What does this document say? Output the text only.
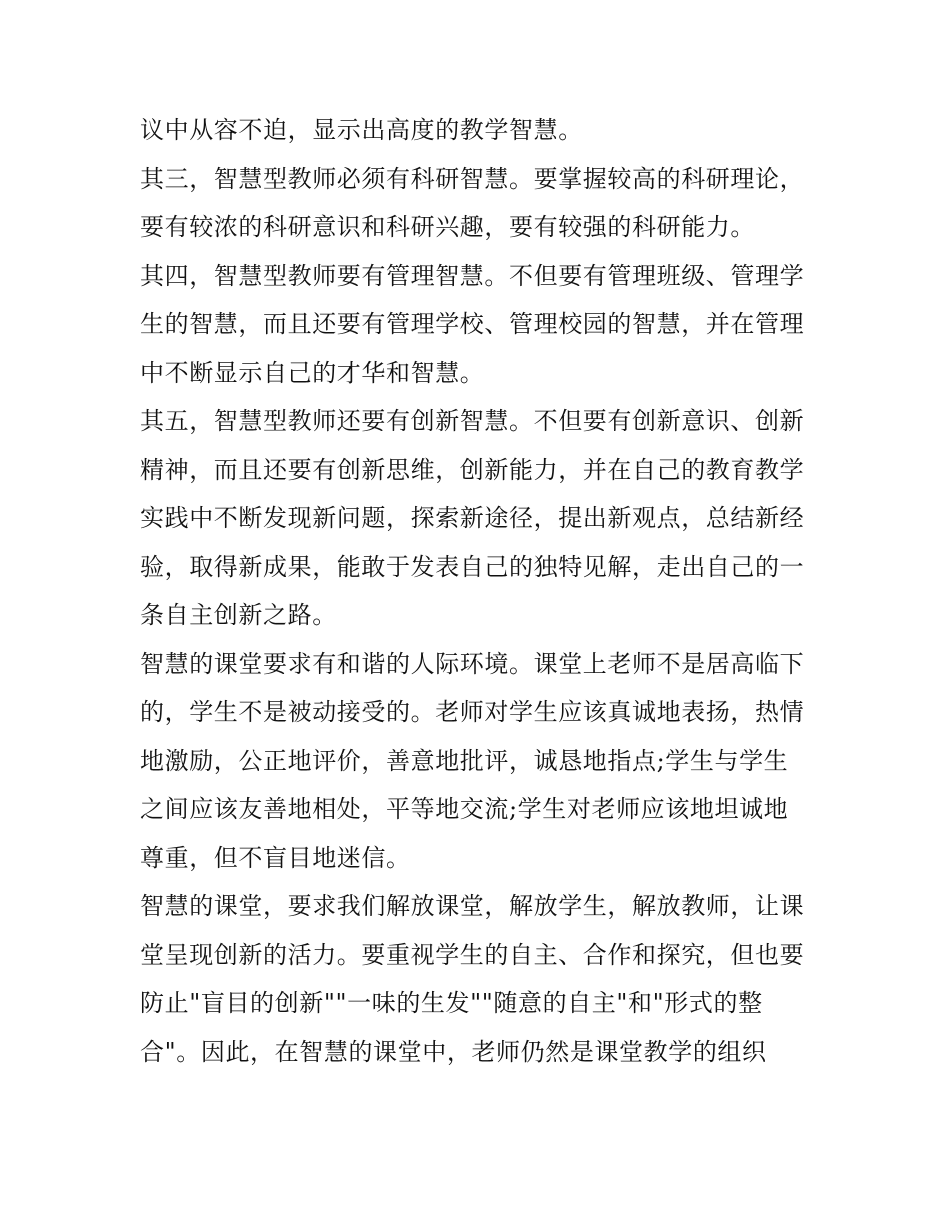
议中从容不迫，显示出高度的教学智慧。
其三，智慧型教师必须有科研智慧。要掌握较高的科研理论，
要有较浓的科研意识和科研兴趣，要有较强的科研能力。
其四，智慧型教师要有管理智慧。不但要有管理班级、管理学
生的智慧，而且还要有管理学校、管理校园的智慧，并在管理
中不断显示自己的才华和智慧。
其五，智慧型教师还要有创新智慧。不但要有创新意识、创新
精神，而且还要有创新思维，创新能力，并在自己的教育教学
实践中不断发现新问题，探索新途径，提出新观点，总结新经
验，取得新成果，能敢于发表自己的独特见解，走出自己的一
条自主创新之路。
智慧的课堂要求有和谐的人际环境。课堂上老师不是居高临下
的，学生不是被动接受的。老师对学生应该真诚地表扬，热情
地激励，公正地评价，善意地批评，诚恳地指点;学生与学生
之间应该友善地相处，平等地交流;学生对老师应该地坦诚地
尊重，但不盲目地迷信。
智慧的课堂，要求我们解放课堂，解放学生，解放教师，让课
堂呈现创新的活力。要重视学生的自主、合作和探究，但也要
防止"盲目的创新""一味的生发""随意的自主"和"形式的整
合"。因此，在智慧的课堂中，老师仍然是课堂教学的组织
